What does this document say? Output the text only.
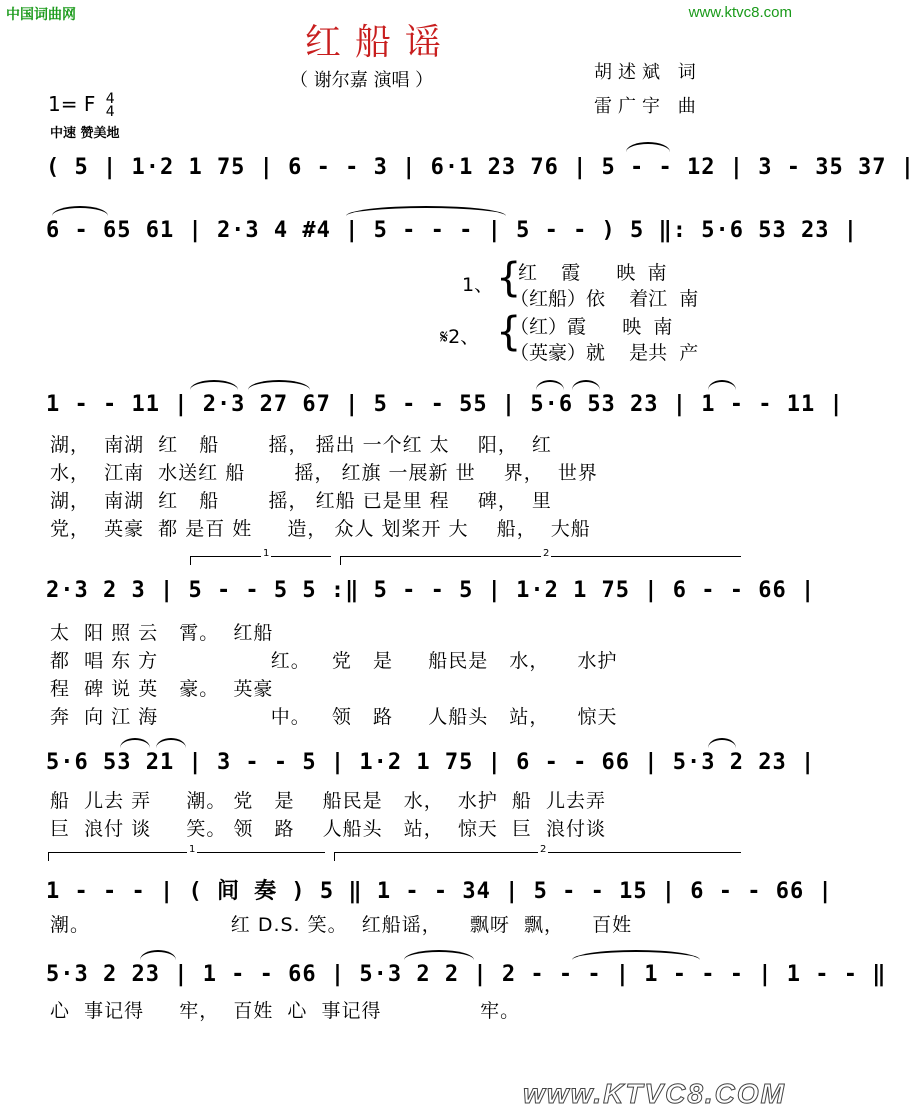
中国词曲网	www.ktvc8.com
www.KTVC8.COM
红船谣
（ 谢尔嘉 演唱 ）	胡述斌 词
雷广宇 曲
1= F 4
4
中速 赞美地
( 5 | 1·2 1 75 | 6 - - 3 | 6·1 23 76 | 5 - - 12 | 3 - 35 37 |
6 - 65 61 | 2·3 4 #4 | 5 - - - | 5 - - ) 5 ‖: 5·6 53 23 |
1、
𝄋2、
{
{
红    霞      映  南
（红船）依    着江  南
（红）霞      映  南
（英豪）就    是共  产
1 - - 11 | 2·3 27 67 | 5 - - 55 | 5·6 53 23 | 1 - - 11 |
湖，  南湖  红   船       摇， 摇出 一个红 太    阳，  红
水，  江南  水送红 船       摇， 红旗 一展新 世    界，  世界
湖，  南湖  红   船       摇， 红船 已是里 程    碑，  里
党，  英豪  都 是百 姓     造， 众人 划桨开 大    船，  大船
1	2
2·3 2 3 | 5 - - 5 5 :‖ 5 - - 5 | 1·2 1 75 | 6 - - 66 |
太  阳 照 云   霄。  红船
都  唱 东 方                红。   党   是     船民是   水，    水护
程  碑 说 英   豪。  英豪
奔  向 江 海                中。   领   路     人船头   站，    惊天
5·6 53 21 | 3 - - 5 | 1·2 1 75 | 6 - - 66 | 5·3 2 23 |
船  儿去 弄     潮。 党   是    船民是   水，  水护  船  儿去弄
巨  浪付 谈     笑。 领   路    人船头   站，  惊天  巨  浪付谈
1	2
1 - - - | ( 间 奏 ) 5 ‖ 1 - - 34 | 5 - - 15 | 6 - - 66 |
潮。                    红 D.S. 笑。  红船谣，    飘呀  飘，    百姓
5·3 2 23 | 1 - - 66 | 5·3 2 2 | 2 - - - | 1 - - - | 1 - - ‖
心  事记得     牢，  百姓  心  事记得              牢。
